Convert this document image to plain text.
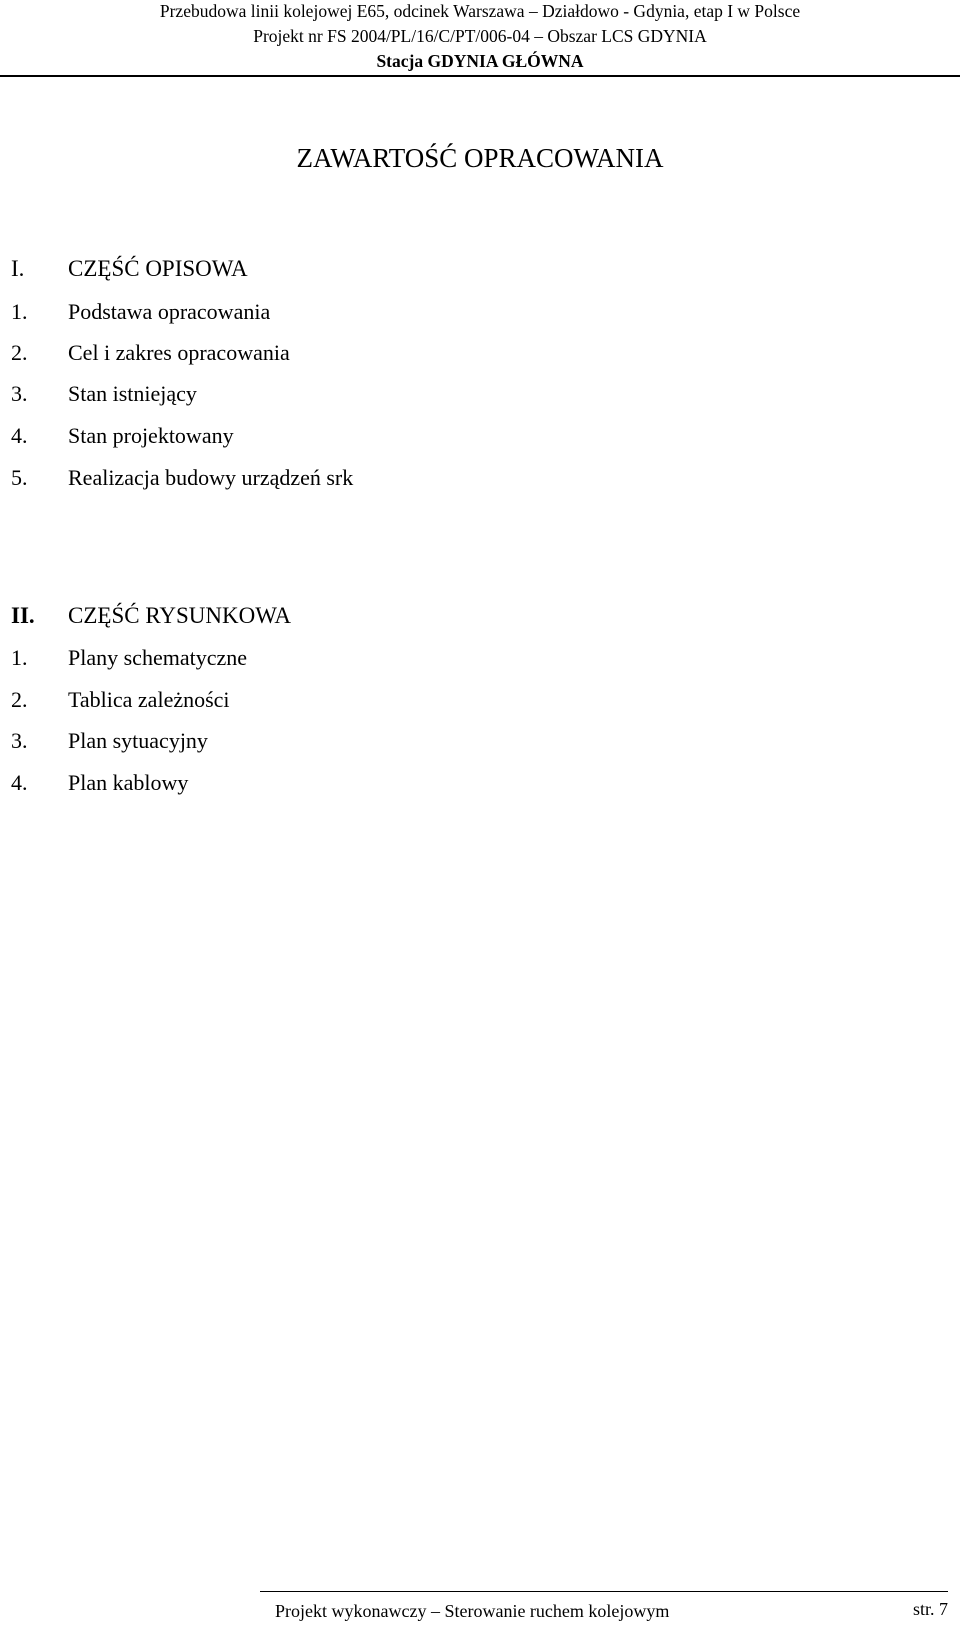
Przebudowa linii kolejowej E65, odcinek Warszawa – Działdowo - Gdynia, etap I w Polsce
Projekt nr FS 2004/PL/16/C/PT/006-04 – Obszar LCS GDYNIA
Stacja GDYNIA GŁÓWNA
ZAWARTOŚĆ OPRACOWANIA
I. CZĘŚĆ OPISOWA
1. Podstawa opracowania
2. Cel i zakres opracowania
3. Stan istniejący
4. Stan projektowany
5. Realizacja budowy urządzeń srk
II. CZĘŚĆ RYSUNKOWA
1. Plany schematyczne
2. Tablica zależności
3. Plan sytuacyjny
4. Plan kablowy
Projekt wykonawczy – Sterowanie ruchem kolejowym	str. 7
